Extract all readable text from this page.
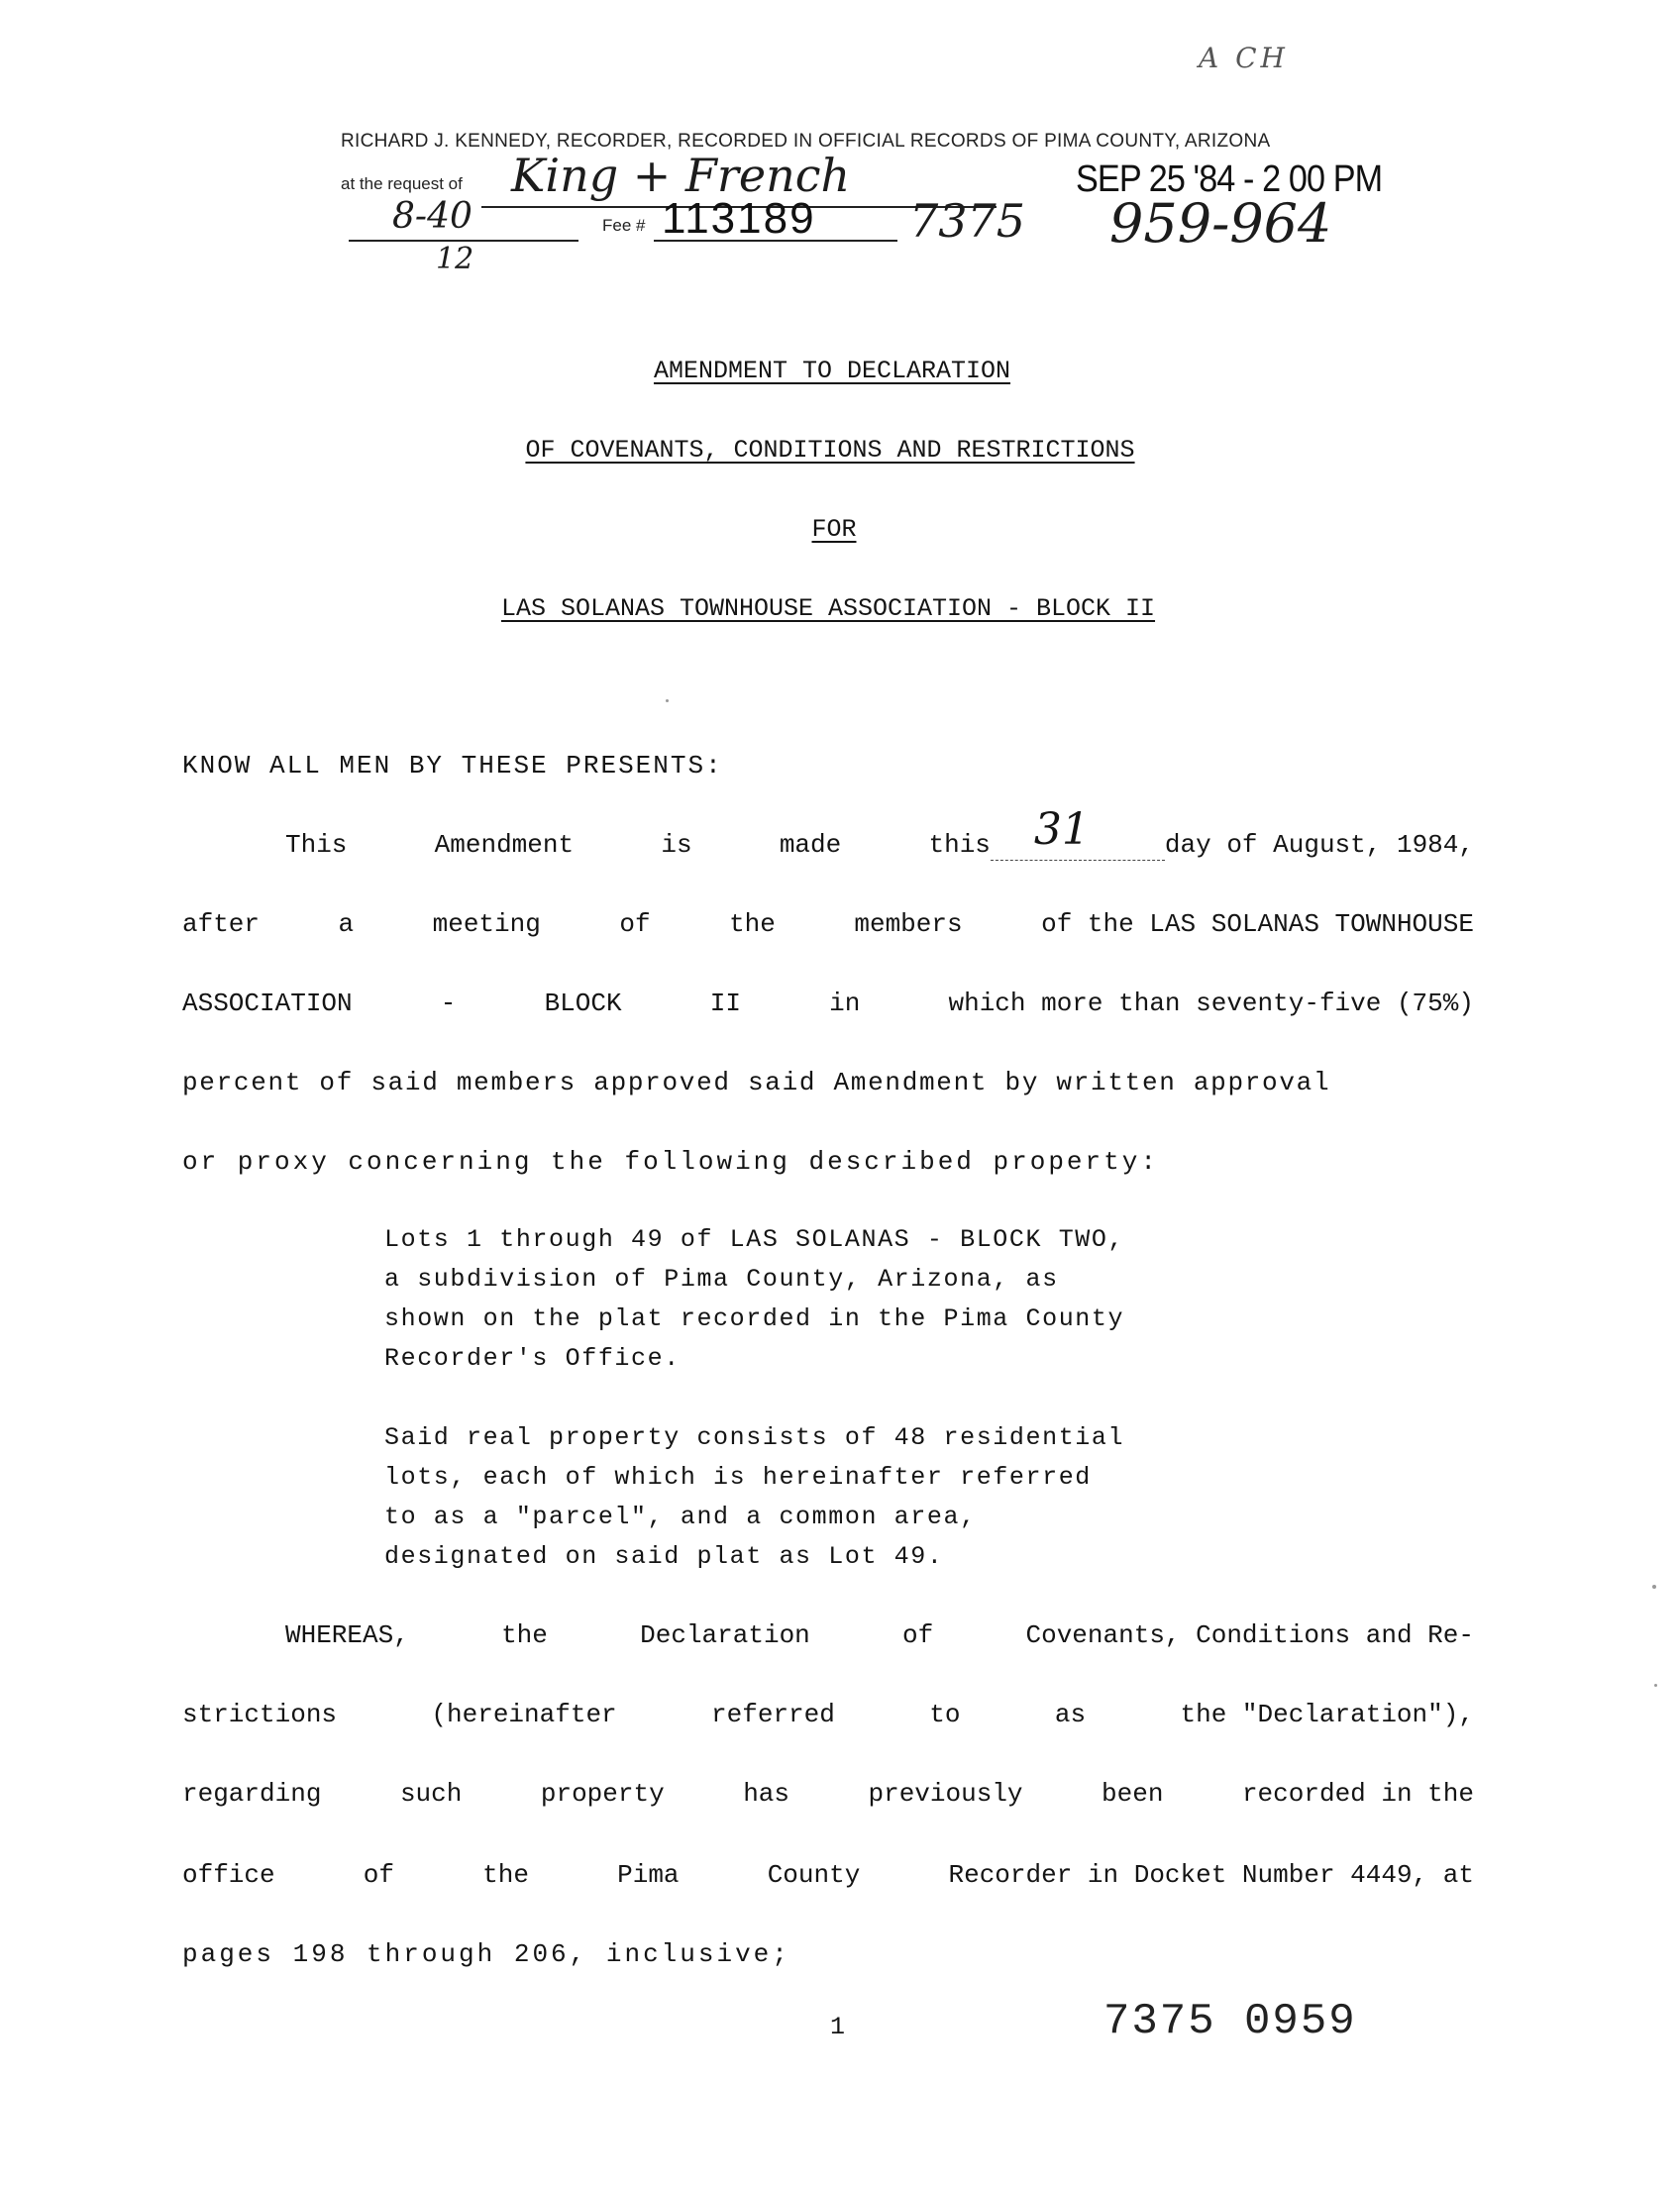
A CH
RICHARD J. KENNEDY, RECORDER, RECORDED IN OFFICIAL RECORDS OF PIMA COUNTY, ARIZONA
at the request of King + French	SEP 25 '84 - 2 00 PM
8-40
12
Fee # 113189 7375 959-964
AMENDMENT TO DECLARATION
OF COVENANTS, CONDITIONS AND RESTRICTIONS
FOR
LAS SOLANAS TOWNHOUSE ASSOCIATION - BLOCK II
KNOW ALL MEN BY THESE PRESENTS:
This	Amendment	is	made	this 31	day of August, 1984,
after	a	meeting	of	the	members	of the LAS SOLANAS TOWNHOUSE
ASSOCIATION	-	BLOCK	II	in	which more than seventy-five (75%)
percent of said members approved said Amendment by written approval
or proxy concerning the following described property:

Lots 1 through 49 of LAS SOLANAS - BLOCK TWO,
a subdivision of Pima County, Arizona, as
shown on the plat recorded in the Pima County
Recorder's Office.

Said real property consists of 48 residential
lots, each of which is hereinafter referred
to as a "parcel", and a common area,
designated on said plat as Lot 49.

WHEREAS,	the	Declaration	of	Covenants, Conditions and Re-
strictions	(hereinafter	referred	to	as	the "Declaration"),
regarding	such	property	has	previously	been	recorded in the
office	of	the	Pima	County	Recorder in Docket Number 4449, at
pages 198 through 206, inclusive;
1	7375 0959
